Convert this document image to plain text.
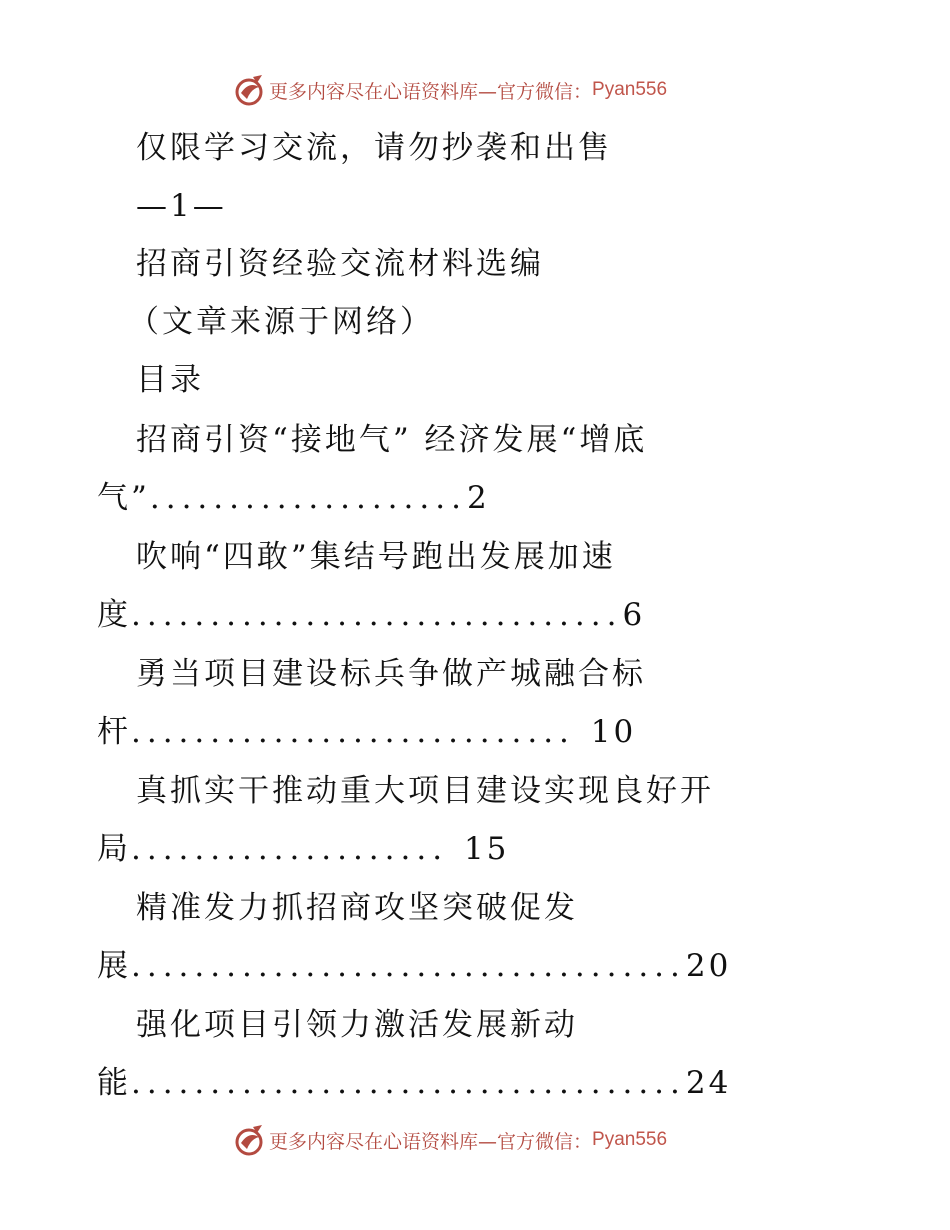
更多内容尽在心语资料库—官方微信： Pyan556
仅限学习交流，请勿抄袭和出售
—1—
招商引资经验交流材料选编
（文章来源于网络）
目录
招商引资“接地气” 经济发展“增底
气”....................2
吹响“四敢”集结号跑出发展加速
度...............................6
勇当项目建设标兵争做产城融合标
杆............................ 10
真抓实干推动重大项目建设实现良好开
局.................... 15
精准发力抓招商攻坚突破促发
展...................................20
强化项目引领力激活发展新动
能...................................24
更多内容尽在心语资料库—官方微信： Pyan556
